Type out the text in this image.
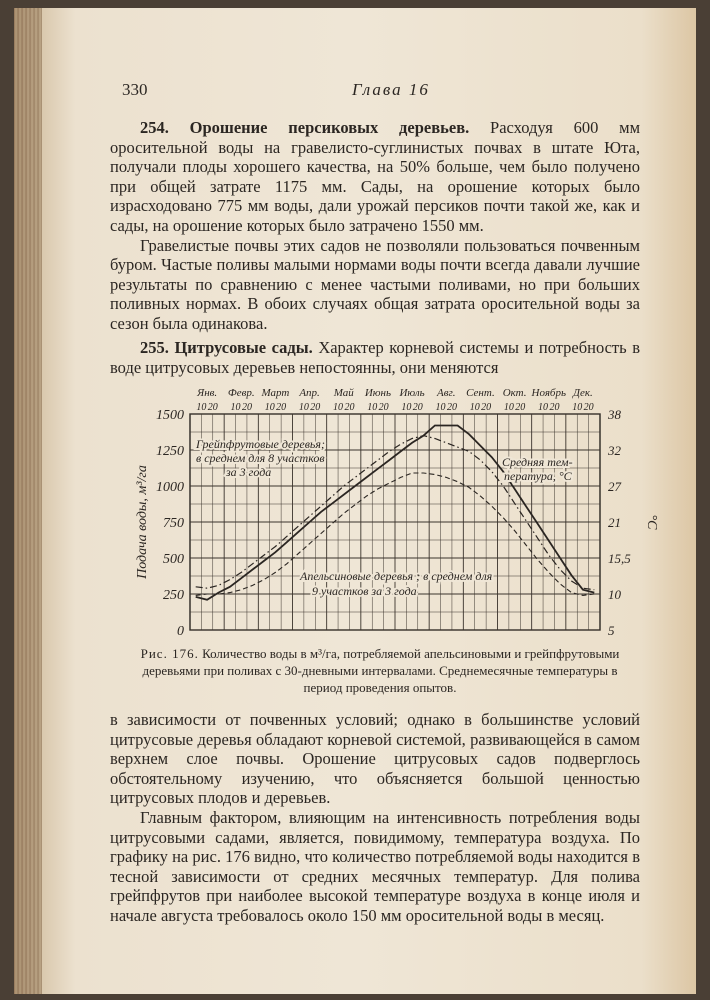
330	Глава 16

254. Орошение персиковых деревьев. Расходуя 600 мм оросительной воды на гравелисто-суглинистых почвах в штате Юта, получали плоды хорошего качества, на 50% больше, чем было получено при общей затрате 1175 мм. Сады, на орошение которых было израсходовано 775 мм воды, дали урожай персиков почти такой же, как и сады, на орошение которых было затрачено 1550 мм.

Гравелистые почвы этих садов не позволяли пользоваться почвенным буром. Частые поливы малыми нормами воды почти всегда давали лучшие результаты по сравнению с менее частыми поливами, но при больших поливных нормах. В обоих случаях общая затрата оросительной воды за сезон была одинакова.

255. Цитрусовые сады. Характер корневой системы и потребность в воде цитрусовых деревьев непостоянны, они меняются

0
250
500
750
1000
1250
1500
5
10
15,5
21
27
32
38
Янв.
10 20
Февр.
10 20
Март
10 20
Апр.
10 20
Май
10 20
Июнь
10 20
Июль
10 20
Авг.
10 20
Сент.
10 20
Окт.
10 20
Ноябрь
10 20
Дек.
10 20
Подача воды, м³/га	°C
Грейпфрутовые деревья;
в среднем для 8 участков
за 3 года
Средняя тем-
пература, °C
Апельсиновые деревья ; в среднем для
9 участков за 3 года
Рис. 176. Количество воды в м³/га, потребляемой апельсиновыми и грейпфрутовыми деревьями при поливах с 30-дневными интервалами. Среднемесячные температуры в период проведения опытов.

в зависимости от почвенных условий; однако в большинстве условий цитрусовые деревья обладают корневой системой, развивающейся в самом верхнем слое почвы. Орошение цитрусовых садов подверглось обстоятельному изучению, что объясняется большой ценностью цитрусовых плодов и деревьев.

Главным фактором, влияющим на интенсивность потребления воды цитрусовыми садами, является, повидимому, температура воздуха. По графику на рис. 176 видно, что количество потребляемой воды находится в тесной зависимости от средних месячных температур. Для полива грейпфрутов при наиболее высокой температуре воздуха в конце июля и начале августа требовалось около 150 мм оросительной воды в месяц.
